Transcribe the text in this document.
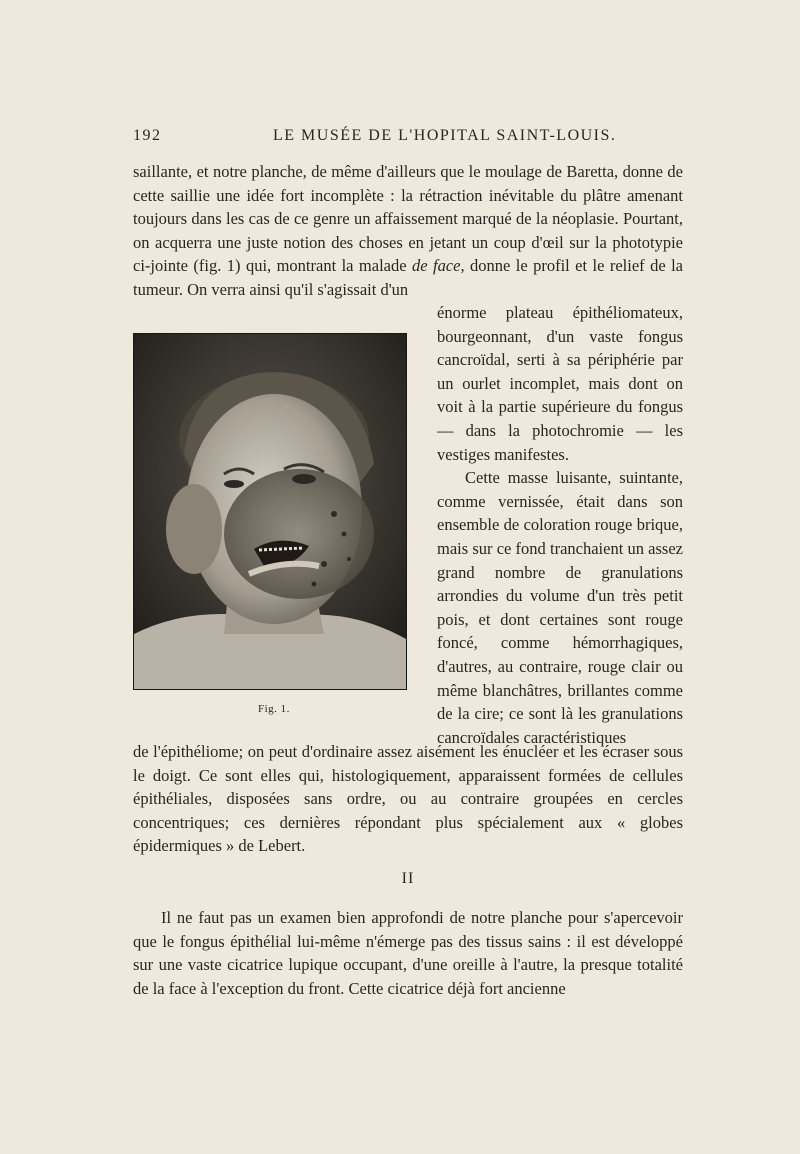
192	LE MUSÉE DE L'HOPITAL SAINT-LOUIS.

saillante, et notre planche, de même d'ailleurs que le moulage de Baretta, donne de cette saillie une idée fort incomplète : la rétraction inévitable du plâtre amenant toujours dans les cas de ce genre un affaissement marqué de la néoplasie. Pourtant, on acquerra une juste notion des choses en jetant un coup d'œil sur la phototypie ci-jointe (fig. 1) qui, montrant la malade de face, donne le profil et le relief de la tumeur. On verra ainsi qu'il s'agissait d'un

Fig. 1.

énorme plateau épithéliomateux, bourgeonnant, d'un vaste fongus cancroïdal, serti à sa périphérie par un ourlet incomplet, mais dont on voit à la partie supérieure du fongus — dans la photochromie — les vestiges manifestes.

Cette masse luisante, suintante, comme vernissée, était dans son ensemble de coloration rouge brique, mais sur ce fond tranchaient un assez grand nombre de granulations arrondies du volume d'un très petit pois, et dont certaines sont rouge foncé, comme hémorrhagiques, d'autres, au contraire, rouge clair ou même blanchâtres, brillantes comme de la cire; ce sont là les granulations cancroïdales caractéristiques

de l'épithéliome; on peut d'ordinaire assez aisément les énucléer et les écraser sous le doigt. Ce sont elles qui, histologiquement, apparaissent formées de cellules épithéliales, disposées sans ordre, ou au contraire groupées en cercles concentriques; ces dernières répondant plus spécialement aux « globes épidermiques » de Lebert.

II

Il ne faut pas un examen bien approfondi de notre planche pour s'apercevoir que le fongus épithélial lui-même n'émerge pas des tissus sains : il est développé sur une vaste cicatrice lupique occupant, d'une oreille à l'autre, la presque totalité de la face à l'exception du front. Cette cicatrice déjà fort ancienne
